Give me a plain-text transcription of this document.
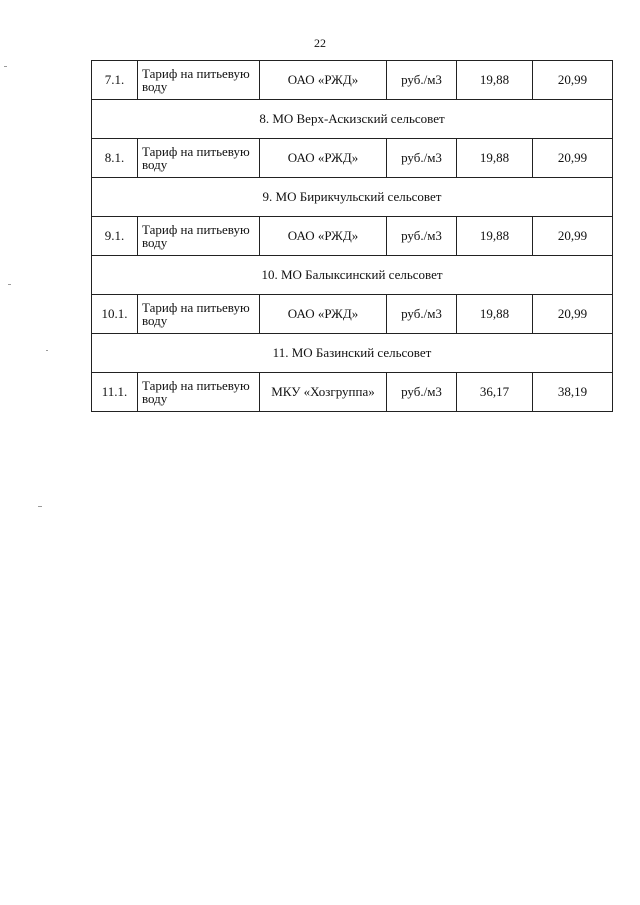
22
7.1.	Тариф на питьевую воду	ОАО «РЖД»	руб./м3	19,88	20,99
8. МО Верх-Аскизский сельсовет					
8.1.	Тариф на питьевую воду	ОАО «РЖД»	руб./м3	19,88	20,99
9. МО Бирикчульский сельсовет					
9.1.	Тариф на питьевую воду	ОАО «РЖД»	руб./м3	19,88	20,99
10. МО Балыксинский сельсовет					
10.1.	Тариф на питьевую воду	ОАО «РЖД»	руб./м3	19,88	20,99
11. МО Базинский сельсовет					
11.1.	Тариф на питьевую воду	МКУ «Хозгруппа»	руб./м3	36,17	38,19
